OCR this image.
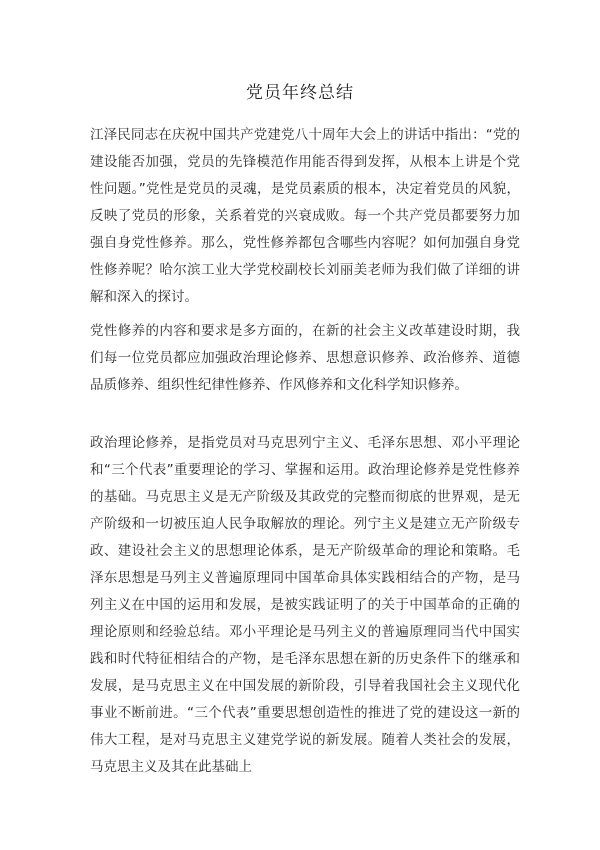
党员年终总结

江泽民同志在庆祝中国共产党建党八十周年大会上的讲话中指出：“党的建设能否加强，党员的先锋模范作用能否得到发挥，从根本上讲是个党性问题。”党性是党员的灵魂，是党员素质的根本，决定着党员的风貌，反映了党员的形象，关系着党的兴衰成败。每一个共产党员都要努力加强自身党性修养。那么，党性修养都包含哪些内容呢？如何加强自身党性修养呢？哈尔滨工业大学党校副校长刘丽美老师为我们做了详细的讲解和深入的探讨。

党性修养的内容和要求是多方面的，在新的社会主义改革建设时期，我们每一位党员都应加强政治理论修养、思想意识修养、政治修养、道德品质修养、组织性纪律性修养、作风修养和文化科学知识修养。

政治理论修养，是指党员对马克思列宁主义、毛泽东思想、邓小平理论和“三个代表”重要理论的学习、掌握和运用。政治理论修养是党性修养的基础。马克思主义是无产阶级及其政党的完整而彻底的世界观，是无产阶级和一切被压迫人民争取解放的理论。列宁主义是建立无产阶级专政、建设社会主义的思想理论体系，是无产阶级革命的理论和策略。毛泽东思想是马列主义普遍原理同中国革命具体实践相结合的产物，是马列主义在中国的运用和发展，是被实践证明了的关于中国革命的正确的理论原则和经验总结。邓小平理论是马列主义的普遍原理同当代中国实践和时代特征相结合的产物，是毛泽东思想在新的历史条件下的继承和发展，是马克思主义在中国发展的新阶段，引导着我国社会主义现代化事业不断前进。“三个代表”重要思想创造性的推进了党的建设这一新的伟大工程，是对马克思主义建党学说的新发展。随着人类社会的发展，马克思主义及其在此基础上
